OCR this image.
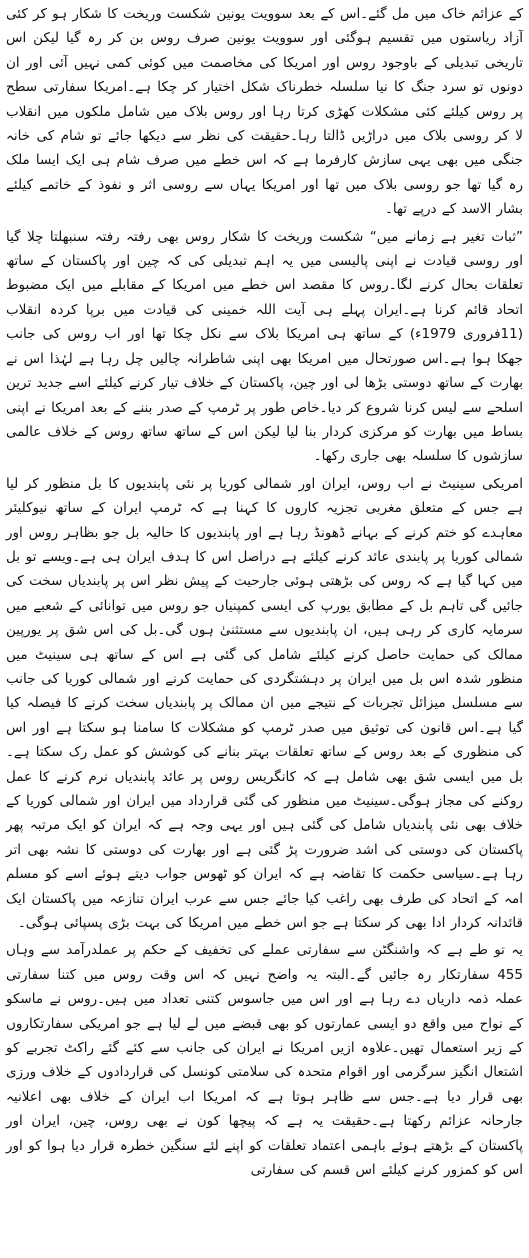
کے عزائم خاک میں مل گئے۔اس کے بعد سوویت یونین شکست وریخت کا شکار ہو کر کئی آزاد ریاستوں میں تقسیم ہوگئی اور سوویت یونین صرف روس بن کر رہ گیا لیکن اس تاریخی تبدیلی کے باوجود روس اور امریکا کی مخاصمت میں کوئی کمی نہیں آئی اور ان دونوں تو سرد جنگ کا نیا سلسلہ خطرناک شکل اختیار کر چکا ہے۔امریکا سفارتی سطح پر روس کیلئے کئی مشکلات کھڑی کرتا رہا اور روس بلاک میں شامل ملکوں میں انقلاب لا کر روسی بلاک میں دراڑیں ڈالتا رہا۔حقیقت کی نظر سے دیکھا جائے تو شام کی خانہ جنگی میں بھی یہی سازش کارفرما ہے کہ اس خطے میں صرف شام ہی ایک ایسا ملک رہ گیا تھا جو روسی بلاک میں تھا اور امریکا یہاں سے روسی اثر و نفوذ کے خاتمے کیلئے بشار الاسد کے درپے تھا۔

”ثبات تغیر ہے زمانے میں“ شکست وریخت کا شکار روس بھی رفتہ رفتہ سنبھلتا چلا گیا اور روسی قیادت نے اپنی پالیسی میں یہ اہم تبدیلی کی کہ چین اور پاکستان کے ساتھ تعلقات بحال کرنے لگا۔روس کا مقصد اس خطے میں امریکا کے مقابلے میں ایک مضبوط اتحاد قائم کرنا ہے۔ایران پہلے ہی آیت اللہ خمینی کی قیادت میں برپا کردہ انقلاب (11فروری 1979ء) کے ساتھ ہی امریکا بلاک سے نکل چکا تھا اور اب روس کی جانب جھکا ہوا ہے۔اس صورتحال میں امریکا بھی اپنی شاطرانہ چالیں چل رہا ہے لہٰذا اس نے بھارت کے ساتھ دوستی بڑھا لی اور چین، پاکستان کے خلاف تیار کرنے کیلئے اسے جدید ترین اسلحے سے لیس کرنا شروع کر دیا۔خاص طور پر ٹرمپ کے صدر بننے کے بعد امریکا نے اپنی بساط میں بھارت کو مرکزی کردار بنا لیا لیکن اس کے ساتھ ساتھ روس کے خلاف عالمی سازشوں کا سلسلہ بھی جاری رکھا۔

امریکی سینیٹ نے اب روس، ایران اور شمالی کوریا پر نئی پابندیوں کا بل منظور کر لیا ہے جس کے متعلق مغربی تجزیہ کاروں کا کہنا ہے کہ ٹرمپ ایران کے ساتھ نیوکلیئر معاہدے کو ختم کرنے کے بہانے ڈھونڈ رہا ہے اور پابندیوں کا حالیہ بل جو بظاہر روس اور شمالی کوریا پر پابندی عائد کرنے کیلئے ہے دراصل اس کا ہدف ایران ہی ہے۔ویسے تو بل میں کہا گیا ہے کہ روس کی بڑھتی ہوئی جارحیت کے پیش نظر اس پر پابندیاں سخت کی جائیں گی تاہم بل کے مطابق یورپ کی ایسی کمپنیاں جو روس میں توانائی کے شعبے میں سرمایہ کاری کر رہی ہیں، ان پابندیوں سے مستثنیٰ ہوں گی۔بل کی اس شق پر یورپین ممالک کی حمایت حاصل کرنے کیلئے شامل کی گئی ہے اس کے ساتھ ہی سینیٹ میں منظور شدہ اس بل میں ایران پر دہشتگردی کی حمایت کرنے اور شمالی کوریا کی جانب سے مسلسل میزائل تجربات کے نتیجے میں ان ممالک پر پابندیاں سخت کرنے کا فیصلہ کیا گیا ہے۔اس قانون کی توثیق میں صدر ٹرمپ کو مشکلات کا سامنا ہو سکتا ہے اور اس کی منظوری کے بعد روس کے ساتھ تعلقات بہتر بنانے کی کوشش کو عمل رک سکتا ہے۔بل میں ایسی شق بھی شامل ہے کہ کانگریس روس پر عائد پابندیاں نرم کرنے کا عمل روکنے کی مجاز ہوگی۔سینیٹ میں منظور کی گئی قرارداد میں ایران اور شمالی کوریا کے خلاف بھی نئی پابندیاں شامل کی گئی ہیں اور یہی وجہ ہے کہ ایران کو ایک مرتبہ پھر پاکستان کی دوستی کی اشد ضرورت پڑ گئی ہے اور بھارت کی دوستی کا نشہ بھی اتر رہا ہے۔سیاسی حکمت کا تقاضہ ہے کہ ایران کو ٹھوس جواب دیتے ہوئے اسے کو مسلم امہ کے اتحاد کی طرف بھی راغب کیا جائے جس سے عرب ایران تنازعہ میں پاکستان ایک قائدانہ کردار ادا بھی کر سکتا ہے جو اس خطے میں امریکا کی بہت بڑی پسپائی ہوگی۔

یہ تو طے ہے کہ واشنگٹن سے سفارتی عملے کی تخفیف کے حکم پر عملدرآمد سے وہاں 455 سفارتکار رہ جائیں گے۔البتہ یہ واضح نہیں کہ اس وقت روس میں کتنا سفارتی عملہ ذمہ داریاں دے رہا ہے اور اس میں جاسوس کتنی تعداد میں ہیں۔روس نے ماسکو کے نواح میں واقع دو ایسی عمارتوں کو بھی قبضے میں لے لیا ہے جو امریکی سفارتکاروں کے زیر استعمال تھیں۔علاوہ ازیں امریکا نے ایران کی جانب سے کئے گئے راکٹ تجربے کو اشتعال انگیز سرگرمی اور اقوام متحدہ کی سلامتی کونسل کی قراردادوں کے خلاف ورزی بھی قرار دیا ہے۔جس سے ظاہر ہوتا ہے کہ امریکا اب ایران کے خلاف بھی اعلانیہ جارحانہ عزائم رکھتا ہے۔حقیقت یہ ہے کہ پیچھا کون نے بھی روس، چین، ایران اور پاکستان کے بڑھتے ہوئے باہمی اعتماد تعلقات کو اپنے لئے سنگین خطرہ قرار دیا ہوا کو اور اس کو کمزور کرنے کیلئے اس قسم کی سفارتی
